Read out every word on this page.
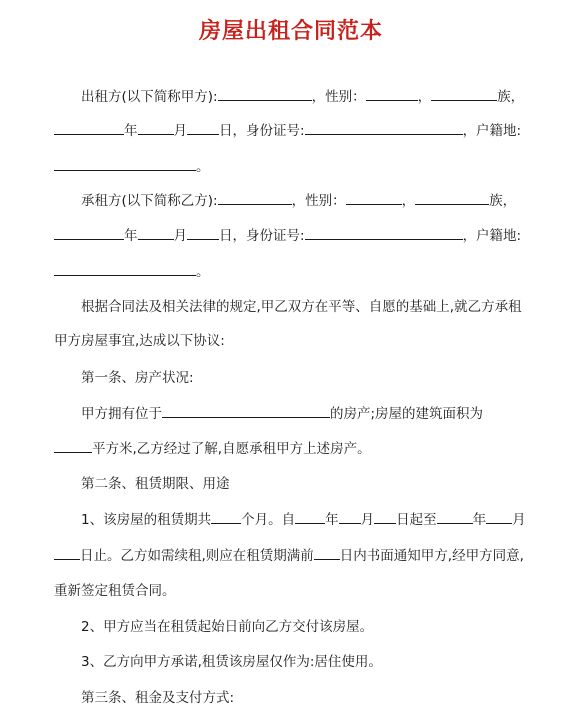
房屋出租合同范本
出租方(以下简称甲方):	，性别：	，	族，
年	月 日，身份证号:	，户籍地:
。
承租方(以下简称乙方):	，性别：	，	族，
年	月 日，身份证号:	，户籍地:
。
根据合同法及相关法律的规定,甲乙双方在平等、自愿的基础上,就乙方承租
甲方房屋事宜,达成以下协议:
第一条、房产状况:
甲方拥有位于	的房产;房屋的建筑面积为
平方米,乙方经过了解,自愿承租甲方上述房产。
第二条、租赁期限、用途
1、该房屋的租赁期共 个月。自 年 月 日起至	年 月
日止。乙方如需续租,则应在租赁期满前 日内书面通知甲方,经甲方同意,
重新签定租赁合同。
2、甲方应当在租赁起始日前向乙方交付该房屋。
3、乙方向甲方承诺,租赁该房屋仅作为:居住使用。
第三条、租金及支付方式:
